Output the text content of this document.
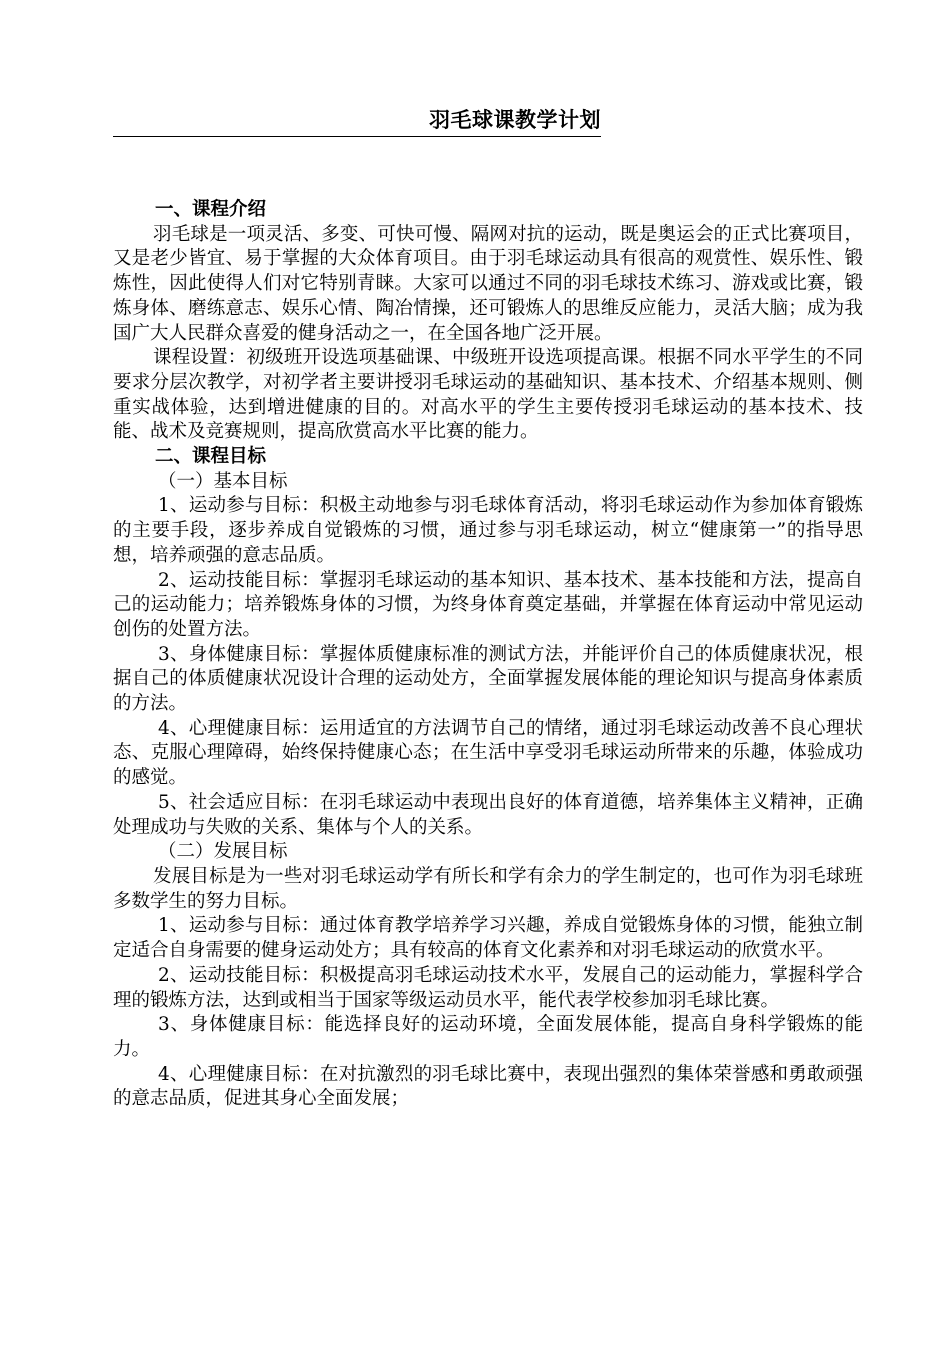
羽毛球课教学计划

一、课程介绍

羽毛球是一项灵活、多变、可快可慢、隔网对抗的运动，既是奥运会的正式比赛项目，又是老少皆宜、易于掌握的大众体育项目。由于羽毛球运动具有很高的观赏性、娱乐性、锻炼性，因此使得人们对它特别青睐。大家可以通过不同的羽毛球技术练习、游戏或比赛，锻炼身体、磨练意志、娱乐心情、陶冶情操，还可锻炼人的思维反应能力，灵活大脑；成为我国广大人民群众喜爱的健身活动之一，在全国各地广泛开展。

课程设置：初级班开设选项基础课、中级班开设选项提高课。根据不同水平学生的不同要求分层次教学，对初学者主要讲授羽毛球运动的基础知识、基本技术、介绍基本规则、侧重实战体验，达到增进健康的目的。对高水平的学生主要传授羽毛球运动的基本技术、技能、战术及竞赛规则，提高欣赏高水平比赛的能力。

二、课程目标

（一）基本目标

1、运动参与目标：积极主动地参与羽毛球体育活动，将羽毛球运动作为参加体育锻炼的主要手段，逐步养成自觉锻炼的习惯，通过参与羽毛球运动，树立“健康第一”的指导思想，培养顽强的意志品质。

2、运动技能目标：掌握羽毛球运动的基本知识、基本技术、基本技能和方法，提高自己的运动能力；培养锻炼身体的习惯，为终身体育奠定基础，并掌握在体育运动中常见运动创伤的处置方法。

3、身体健康目标：掌握体质健康标准的测试方法，并能评价自己的体质健康状况，根据自己的体质健康状况设计合理的运动处方，全面掌握发展体能的理论知识与提高身体素质的方法。

4、心理健康目标：运用适宜的方法调节自己的情绪，通过羽毛球运动改善不良心理状态、克服心理障碍，始终保持健康心态；在生活中享受羽毛球运动所带来的乐趣，体验成功的感觉。

5、社会适应目标：在羽毛球运动中表现出良好的体育道德，培养集体主义精神，正确处理成功与失败的关系、集体与个人的关系。

（二）发展目标

发展目标是为一些对羽毛球运动学有所长和学有余力的学生制定的，也可作为羽毛球班多数学生的努力目标。

1、运动参与目标：通过体育教学培养学习兴趣，养成自觉锻炼身体的习惯，能独立制定适合自身需要的健身运动处方；具有较高的体育文化素养和对羽毛球运动的欣赏水平。

2、运动技能目标：积极提高羽毛球运动技术水平，发展自己的运动能力，掌握科学合理的锻炼方法，达到或相当于国家等级运动员水平，能代表学校参加羽毛球比赛。

3、身体健康目标：能选择良好的运动环境，全面发展体能，提高自身科学锻炼的能力。

4、心理健康目标：在对抗激烈的羽毛球比赛中，表现出强烈的集体荣誉感和勇敢顽强的意志品质，促进其身心全面发展；
